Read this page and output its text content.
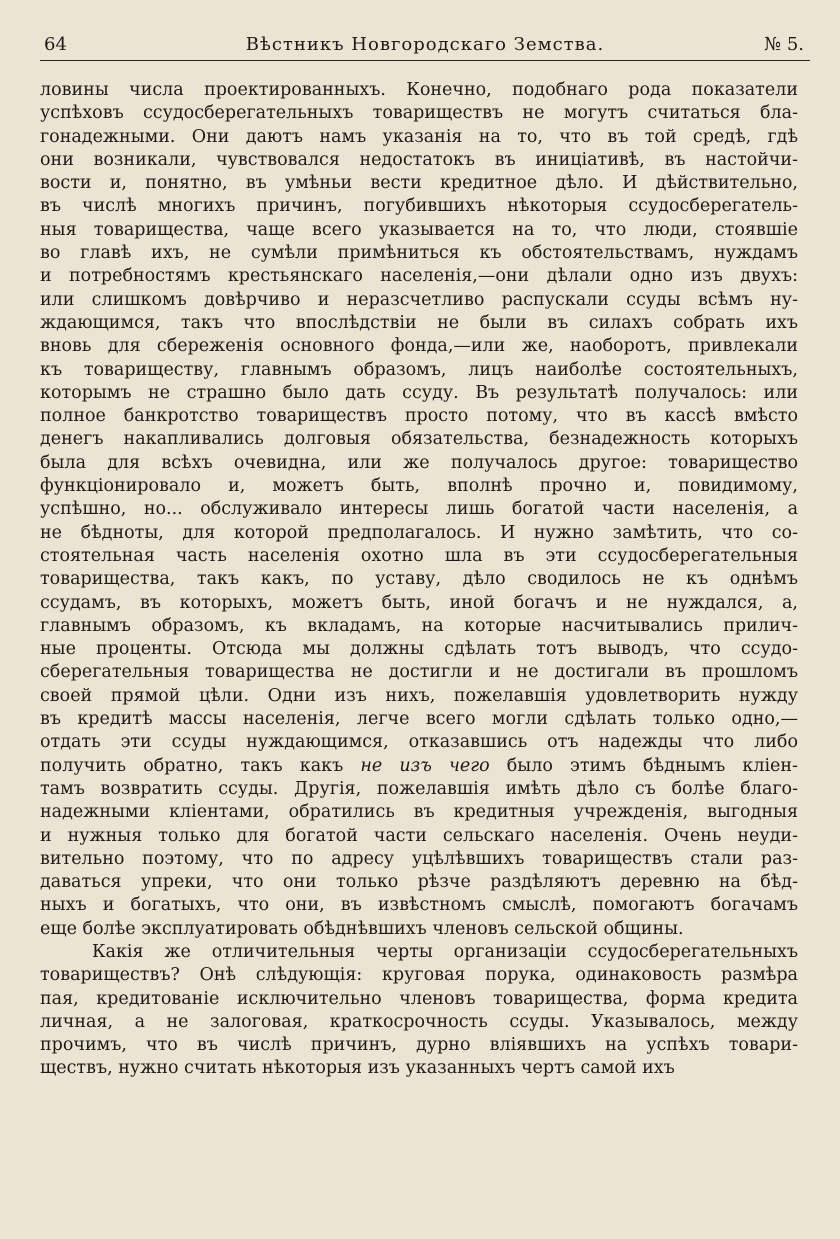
64	Вѣстникъ Новгородскаго Земства.	№ 5.
ловины числа проектированныхъ. Конечно, подобнаго рода показатели
успѣховъ ссудосберегательныхъ товариществъ не могутъ считаться бла-
гонадежными. Они даютъ намъ указанія на то, что въ той средѣ, гдѣ
они возникали, чувствовался недостатокъ въ иниціативѣ, въ настойчи-
вости и, понятно, въ умѣньи вести кредитное дѣло. И дѣйствительно,
въ числѣ многихъ причинъ, погубившихъ нѣкоторыя ссудосберегатель-
ныя товарищества, чаще всего указывается на то, что люди, стоявшіе
во главѣ ихъ, не сумѣли примѣниться къ обстоятельствамъ, нуждамъ
и потребностямъ крестьянскаго населенія,—они дѣлали одно изъ двухъ:
или слишкомъ довѣрчиво и неразсчетливо распускали ссуды всѣмъ ну-
ждающимся, такъ что впослѣдствіи не были въ силахъ собрать ихъ
вновь для сбереженія основного фонда,—или же, наоборотъ, привлекали
къ товариществу, главнымъ образомъ, лицъ наиболѣе состоятельныхъ,
которымъ не страшно было дать ссуду. Въ результатѣ получалось: или
полное банкротство товариществъ просто потому, что въ кассѣ вмѣсто
денегъ накапливались долговыя обязательства, безнадежность которыхъ
была для всѣхъ очевидна, или же получалось другое: товарищество
функціонировало и, можетъ быть, вполнѣ прочно и, повидимому,
успѣшно, но... обслуживало интересы лишь богатой части населенія, а
не бѣдноты, для которой предполагалось. И нужно замѣтить, что со-
стоятельная часть населенія охотно шла въ эти ссудосберегательныя
товарищества, такъ какъ, по уставу, дѣло сводилось не къ однѣмъ
ссудамъ, въ которыхъ, можетъ быть, иной богачъ и не нуждался, а,
главнымъ образомъ, къ вкладамъ, на которые насчитывались прилич-
ные проценты. Отсюда мы должны сдѣлать тотъ выводъ, что ссудо-
сберегательныя товарищества не достигли и не достигали въ прошломъ
своей прямой цѣли. Одни изъ нихъ, пожелавшія удовлетворить нужду
въ кредитѣ массы населенія, легче всего могли сдѣлать только одно,—
отдать эти ссуды нуждающимся, отказавшись отъ надежды что либо
получить обратно, такъ какъ не изъ чего было этимъ бѣднымъ кліен-
тамъ возвратить ссуды. Другія, пожелавшія имѣть дѣло съ болѣе благо-
надежными кліентами, обратились въ кредитныя учрежденія, выгодныя
и нужныя только для богатой части сельскаго населенія. Очень неуди-
вительно поэтому, что по адресу уцѣлѣвшихъ товариществъ стали раз-
даваться упреки, что они только рѣзче раздѣляютъ деревню на бѣд-
ныхъ и богатыхъ, что они, въ извѣстномъ смыслѣ, помогаютъ богачамъ
еще болѣе эксплуатировать обѣднѣвшихъ членовъ сельской общины.
Какія же отличительныя черты организаціи ссудосберегательныхъ
товариществъ? Онѣ слѣдующія: круговая порука, одинаковость размѣра
пая, кредитованіе исключительно членовъ товарищества, форма кредита
личная, а не залоговая, краткосрочность ссуды. Указывалось, между
прочимъ, что въ числѣ причинъ, дурно вліявшихъ на успѣхъ товари-
ществъ, нужно считать нѣкоторыя изъ указанныхъ чертъ самой ихъ
